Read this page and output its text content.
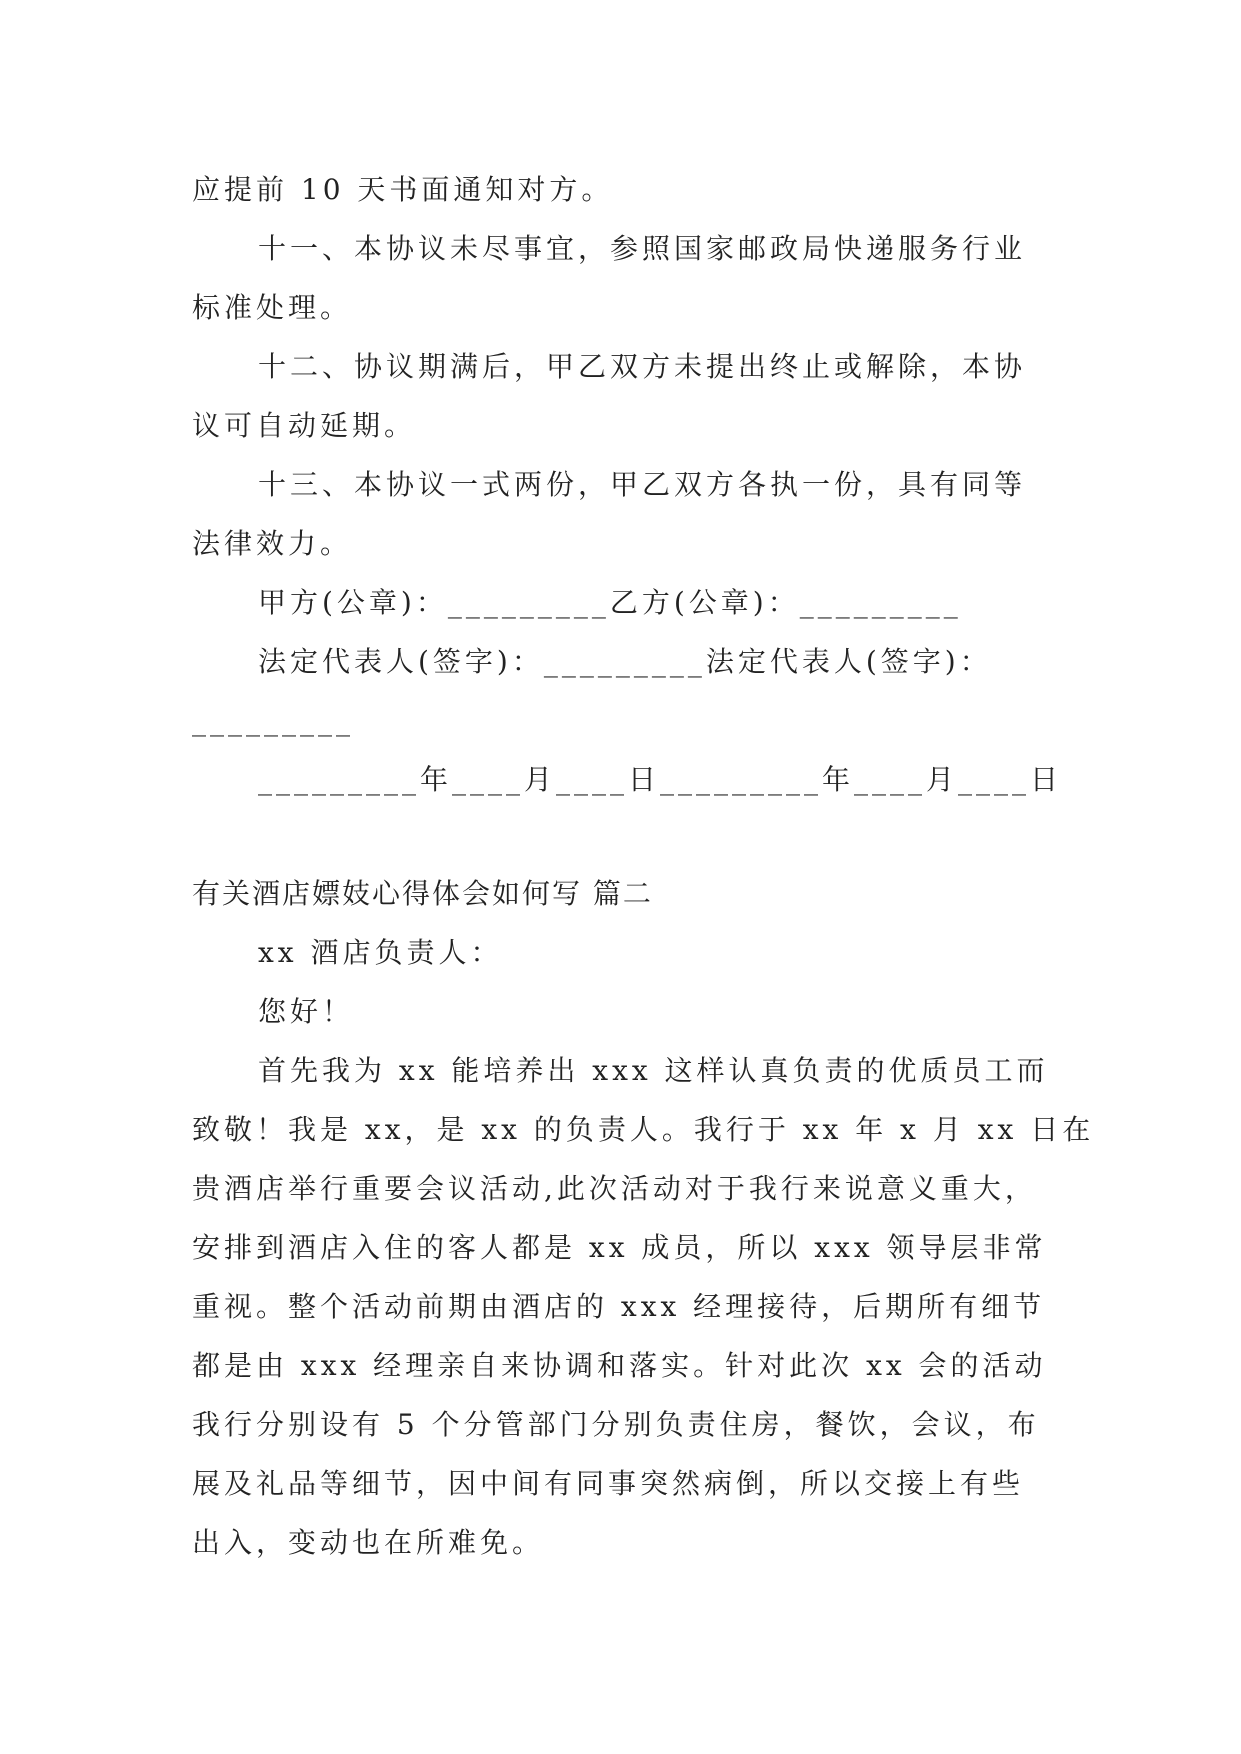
应提前 10 天书面通知对方。
十一、本协议未尽事宜，参照国家邮政局快递服务行业
标准处理。
十二、协议期满后，甲乙双方未提出终止或解除，本协
议可自动延期。
十三、本协议一式两份，甲乙双方各执一份，具有同等
法律效力。
甲方(公章)：_________乙方(公章)：_________
法定代表人(签字)：_________法定代表人(签字)：
_________
_________年____月____日_________年____月____日
有关酒店嫖妓心得体会如何写 篇二
xx 酒店负责人：
您好！
首先我为 xx 能培养出 xxx 这样认真负责的优质员工而
致敬！我是 xx，是 xx 的负责人。我行于 xx 年 x 月 xx 日在
贵酒店举行重要会议活动,此次活动对于我行来说意义重大，
安排到酒店入住的客人都是 xx 成员，所以 xxx 领导层非常
重视。整个活动前期由酒店的 xxx 经理接待，后期所有细节
都是由 xxx 经理亲自来协调和落实。针对此次 xx 会的活动
我行分别设有 5 个分管部门分别负责住房，餐饮，会议，布
展及礼品等细节，因中间有同事突然病倒，所以交接上有些
出入，变动也在所难免。
